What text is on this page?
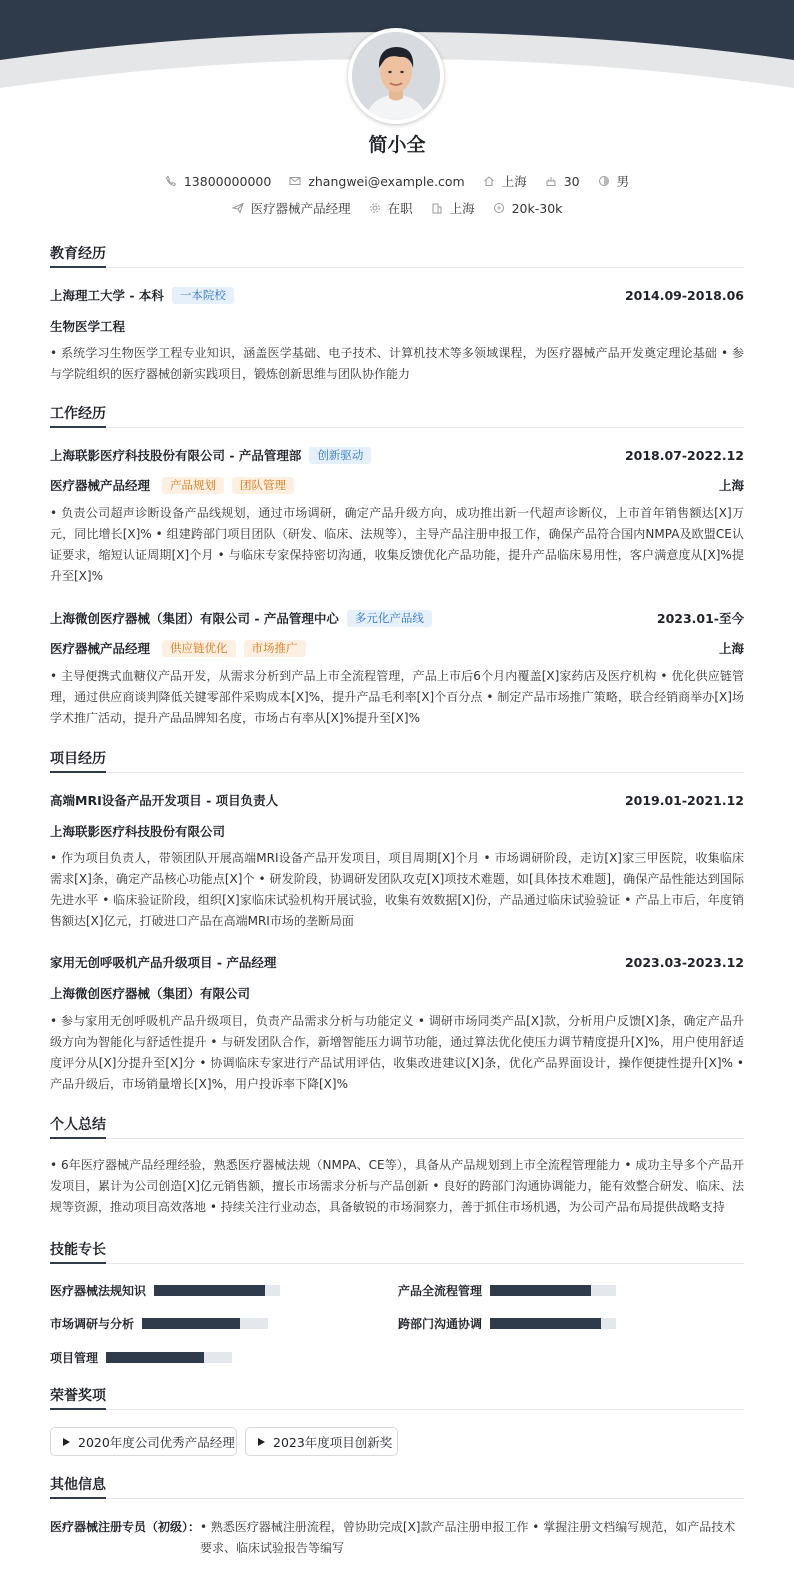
简小全
13800000000	zhangwei@example.com	上海	30	男
医疗器械产品经理	在职	上海	20k-30k
教育经历
上海理工大学 - 本科	一本院校	2014.09-2018.06
生物医学工程
• 系统学习生物医学工程专业知识，涵盖医学基础、电子技术、计算机技术等多领域课程，为医疗器械产品开发奠定理论基础 • 参与学院组织的医疗器械创新实践项目，锻炼创新思维与团队协作能力
工作经历
上海联影医疗科技股份有限公司 - 产品管理部	创新驱动	2018.07-2022.12
医疗器械产品经理	产品规划	团队管理	上海
• 负责公司超声诊断设备产品线规划，通过市场调研，确定产品升级方向，成功推出新一代超声诊断仪，上市首年销售额达[X]万元，同比增长[X]% • 组建跨部门项目团队（研发、临床、法规等），主导产品注册申报工作，确保产品符合国内NMPA及欧盟CE认证要求，缩短认证周期[X]个月 • 与临床专家保持密切沟通，收集反馈优化产品功能，提升产品临床易用性，客户满意度从[X]%提升至[X]%
上海微创医疗器械（集团）有限公司 - 产品管理中心	多元化产品线	2023.01-至今
医疗器械产品经理	供应链优化	市场推广	上海
• 主导便携式血糖仪产品开发，从需求分析到产品上市全流程管理，产品上市后6个月内覆盖[X]家药店及医疗机构 • 优化供应链管理，通过供应商谈判降低关键零部件采购成本[X]%，提升产品毛利率[X]个百分点 • 制定产品市场推广策略，联合经销商举办[X]场学术推广活动，提升产品品牌知名度，市场占有率从[X]%提升至[X]%
项目经历
高端MRI设备产品开发项目 - 项目负责人	2019.01-2021.12
上海联影医疗科技股份有限公司
• 作为项目负责人，带领团队开展高端MRI设备产品开发项目，项目周期[X]个月 • 市场调研阶段，走访[X]家三甲医院，收集临床需求[X]条，确定产品核心功能点[X]个 • 研发阶段，协调研发团队攻克[X]项技术难题，如[具体技术难题]，确保产品性能达到国际先进水平 • 临床验证阶段，组织[X]家临床试验机构开展试验，收集有效数据[X]份，产品通过临床试验验证 • 产品上市后，年度销售额达[X]亿元，打破进口产品在高端MRI市场的垄断局面
家用无创呼吸机产品升级项目 - 产品经理	2023.03-2023.12
上海微创医疗器械（集团）有限公司
• 参与家用无创呼吸机产品升级项目，负责产品需求分析与功能定义 • 调研市场同类产品[X]款，分析用户反馈[X]条，确定产品升级方向为智能化与舒适性提升 • 与研发团队合作，新增智能压力调节功能，通过算法优化使压力调节精度提升[X]%，用户使用舒适度评分从[X]分提升至[X]分 • 协调临床专家进行产品试用评估，收集改进建议[X]条，优化产品界面设计，操作便捷性提升[X]% • 产品升级后，市场销量增长[X]%，用户投诉率下降[X]%
个人总结
• 6年医疗器械产品经理经验，熟悉医疗器械法规（NMPA、CE等），具备从产品规划到上市全流程管理能力 • 成功主导多个产品开发项目，累计为公司创造[X]亿元销售额，擅长市场需求分析与产品创新 • 良好的跨部门沟通协调能力，能有效整合研发、临床、法规等资源，推动项目高效落地 • 持续关注行业动态，具备敏锐的市场洞察力，善于抓住市场机遇，为公司产品布局提供战略支持
技能专长
医疗器械法规知识	产品全流程管理
市场调研与分析	跨部门沟通协调
项目管理
荣誉奖项
2020年度公司优秀产品经理	2023年度项目创新奖
其他信息
医疗器械注册专员（初级）： • 熟悉医疗器械注册流程，曾协助完成[X]款产品注册申报工作 • 掌握注册文档编写规范，如产品技术要求、临床试验报告等编写
